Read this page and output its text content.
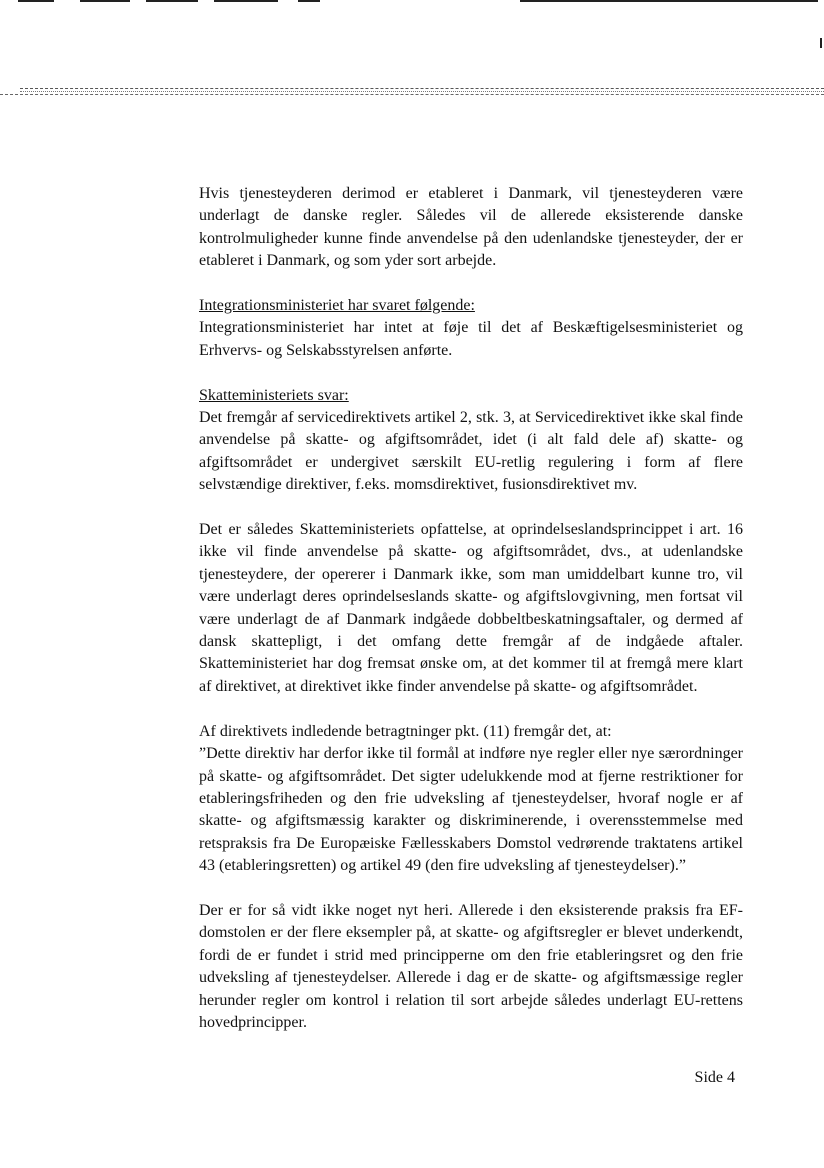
Hvis tjenesteyderen derimod er etableret i Danmark, vil tjenesteyderen være underlagt de danske regler. Således vil de allerede eksisterende danske kontrolmuligheder kunne finde anvendelse på den udenlandske tjenesteyder, der er etableret i Danmark, og som yder sort arbejde.

Integrationsministeriet har svaret følgende:
Integrationsministeriet har intet at føje til det af Beskæftigelsesministeriet og Erhvervs- og Selskabsstyrelsen anførte.

Skatteministeriets svar:
Det fremgår af servicedirektivets artikel 2, stk. 3, at Servicedirektivet ikke skal finde anvendelse på skatte- og afgiftsområdet, idet (i alt fald dele af) skatte- og afgiftsområdet er undergivet særskilt EU-retlig regulering i form af flere selvstændige direktiver, f.eks. momsdirektivet, fusionsdirektivet mv.

Det er således Skatteministeriets opfattelse, at oprindelseslandsprincippet i art. 16 ikke vil finde anvendelse på skatte- og afgiftsområdet, dvs., at udenlandske tjenesteydere, der opererer i Danmark ikke, som man umiddelbart kunne tro, vil være underlagt deres oprindelseslands skatte- og afgiftslovgivning, men fortsat vil være underlagt de af Danmark indgåede dobbeltbeskatningsaftaler, og dermed af dansk skattepligt, i det omfang dette fremgår af de indgåede aftaler. Skatteministeriet har dog fremsat ønske om, at det kommer til at fremgå mere klart af direktivet, at direktivet ikke finder anvendelse på skatte- og afgiftsområdet.

Af direktivets indledende betragtninger pkt. (11) fremgår det, at:
”Dette direktiv har derfor ikke til formål at indføre nye regler eller nye særordninger på skatte- og afgiftsområdet. Det sigter udelukkende mod at fjerne restriktioner for etableringsfriheden og den frie udveksling af tjenesteydelser, hvoraf nogle er af skatte- og afgiftsmæssig karakter og diskriminerende, i overensstemmelse med retspraksis fra De Europæiske Fællesskabers Domstol vedrørende traktatens artikel 43 (etableringsretten) og artikel 49 (den fire udveksling af tjenesteydelser).”

Der er for så vidt ikke noget nyt heri. Allerede i den eksisterende praksis fra EF-domstolen er der flere eksempler på, at skatte- og afgiftsregler er blevet underkendt, fordi de er fundet i strid med principperne om den frie etableringsret og den frie udveksling af tjenesteydelser. Allerede i dag er de skatte- og afgiftsmæssige regler herunder regler om kontrol i relation til sort arbejde således underlagt EU-rettens hovedprincipper.

Side 4
